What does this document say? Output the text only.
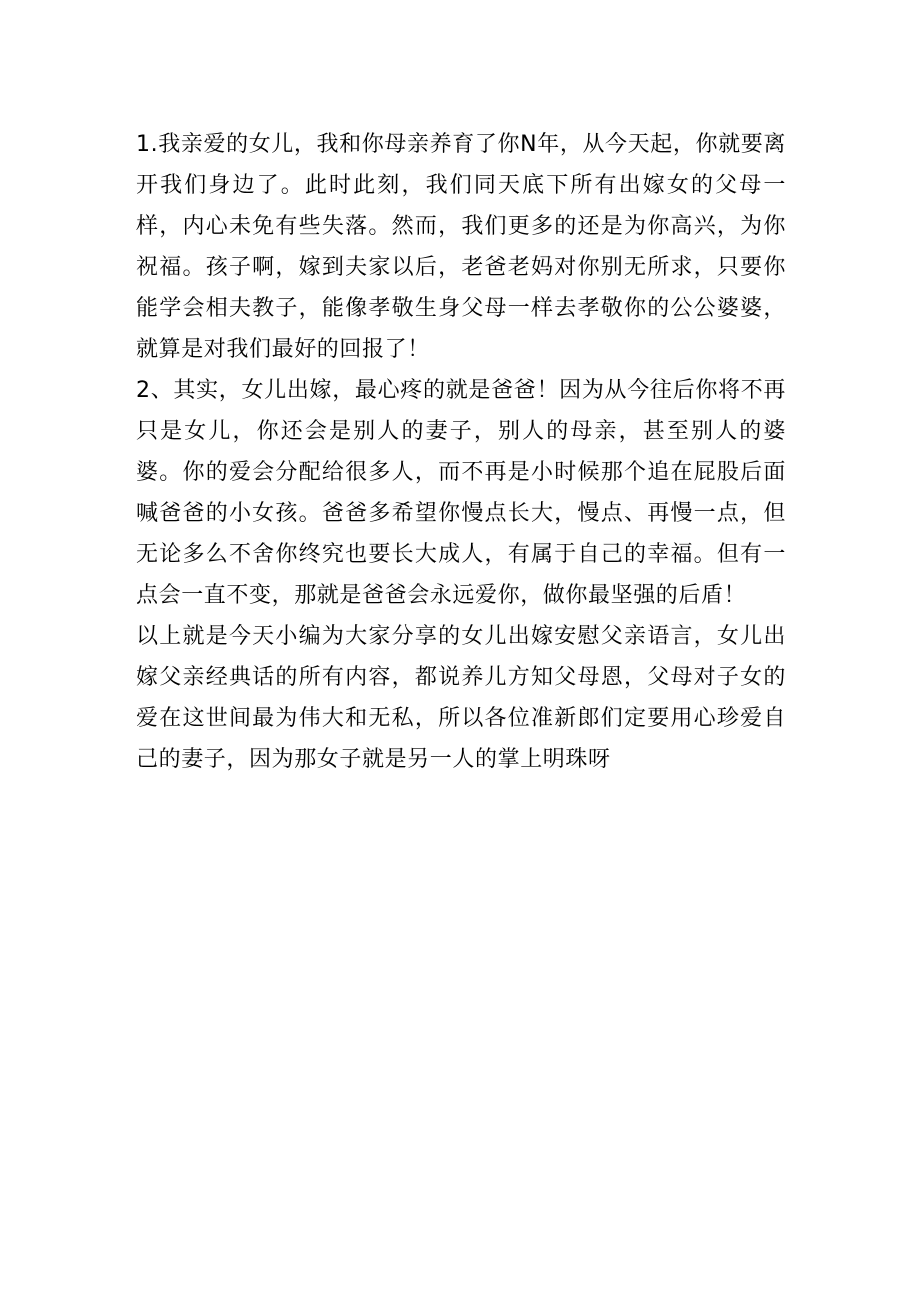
1.我亲爱的女儿，我和你母亲养育了你N年，从今天起，你就要离开我们身边了。此时此刻，我们同天底下所有出嫁女的父母一样，内心未免有些失落。然而，我们更多的还是为你高兴，为你祝福。孩子啊，嫁到夫家以后，老爸老妈对你别无所求，只要你能学会相夫教子，能像孝敬生身父母一样去孝敬你的公公婆婆，就算是对我们最好的回报了！

2、其实，女儿出嫁，最心疼的就是爸爸！因为从今往后你将不再只是女儿，你还会是别人的妻子，别人的母亲，甚至别人的婆婆。你的爱会分配给很多人，而不再是小时候那个追在屁股后面喊爸爸的小女孩。爸爸多希望你慢点长大，慢点、再慢一点，但无论多么不舍你终究也要长大成人，有属于自己的幸福。但有一点会一直不变，那就是爸爸会永远爱你，做你最坚强的后盾！

以上就是今天小编为大家分享的女儿出嫁安慰父亲语言，女儿出嫁父亲经典话的所有内容，都说养儿方知父母恩，父母对子女的爱在这世间最为伟大和无私，所以各位准新郎们定要用心珍爱自己的妻子，因为那女子就是另一人的掌上明珠呀
